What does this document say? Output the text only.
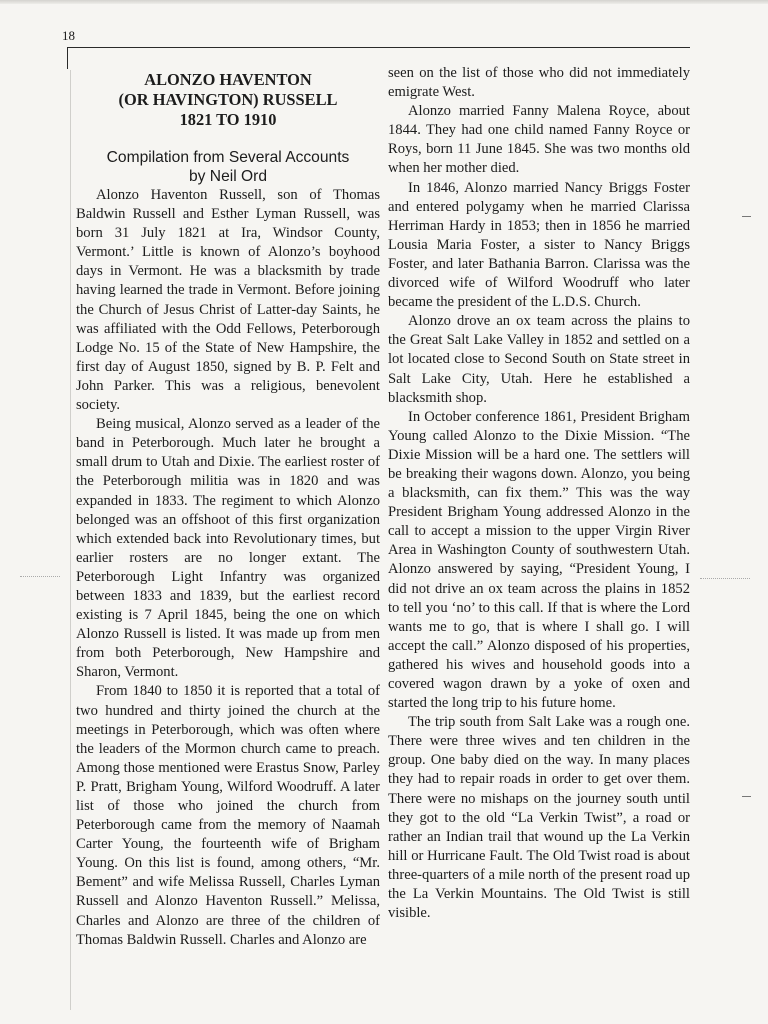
18
ALONZO HAVENTON
(OR HAVINGTON) RUSSELL
1821 TO 1910
Compilation from Several Accounts
by Neil Ord

Alonzo Haventon Russell, son of Thomas Baldwin Russell and Esther Lyman Russell, was born 31 July 1821 at Ira, Windsor County, Vermont.’ Little is known of Alonzo’s boyhood days in Vermont. He was a blacksmith by trade having learned the trade in Vermont. Before joining the Church of Jesus Christ of Latter-day Saints, he was affiliated with the Odd Fellows, Peterborough Lodge No. 15 of the State of New Hampshire, the first day of August 1850, signed by B. P. Felt and John Parker. This was a religious, benevolent society.

Being musical, Alonzo served as a leader of the band in Peterborough. Much later he brought a small drum to Utah and Dixie. The earliest roster of the Peterborough militia was in 1820 and was expanded in 1833. The regiment to which Alonzo belonged was an offshoot of this first organization which extended back into Revolutionary times, but earlier rosters are no longer extant. The Peterborough Light Infantry was organized between 1833 and 1839, but the earliest record existing is 7 April 1845, being the one on which Alonzo Russell is listed. It was made up from men from both Peterborough, New Hampshire and Sharon, Vermont.

From 1840 to 1850 it is reported that a total of two hundred and thirty joined the church at the meetings in Peterborough, which was often where the leaders of the Mormon church came to preach. Among those mentioned were Erastus Snow, Parley P. Pratt, Brigham Young, Wilford Woodruff. A later list of those who joined the church from Peterborough came from the memory of Naamah Carter Young, the fourteenth wife of Brigham Young. On this list is found, among others, “Mr. Bement” and wife Melissa Russell, Charles Lyman Russell and Alonzo Haventon Russell.” Melissa, Charles and Alonzo are three of the children of Thomas Baldwin Russell. Charles and Alonzo are

seen on the list of those who did not immediately emigrate West.

Alonzo married Fanny Malena Royce, about 1844. They had one child named Fanny Royce or Roys, born 11 June 1845. She was two months old when her mother died.

In 1846, Alonzo married Nancy Briggs Foster and entered polygamy when he married Clarissa Herriman Hardy in 1853; then in 1856 he married Lousia Maria Foster, a sister to Nancy Briggs Foster, and later Bathania Barron. Clarissa was the divorced wife of Wilford Woodruff who later became the president of the L.D.S. Church.

Alonzo drove an ox team across the plains to the Great Salt Lake Valley in 1852 and settled on a lot located close to Second South on State street in Salt Lake City, Utah. Here he established a blacksmith shop.

In October conference 1861, President Brigham Young called Alonzo to the Dixie Mission. “The Dixie Mission will be a hard one. The settlers will be breaking their wagons down. Alonzo, you being a blacksmith, can fix them.” This was the way President Brigham Young addressed Alonzo in the call to accept a mission to the upper Virgin River Area in Washington County of southwestern Utah. Alonzo answered by saying, “President Young, I did not drive an ox team across the plains in 1852 to tell you ‘no’ to this call. If that is where the Lord wants me to go, that is where I shall go. I will accept the call.” Alonzo disposed of his properties, gathered his wives and household goods into a covered wagon drawn by a yoke of oxen and started the long trip to his future home.

The trip south from Salt Lake was a rough one. There were three wives and ten children in the group. One baby died on the way. In many places they had to repair roads in order to get over them. There were no mishaps on the journey south until they got to the old “La Verkin Twist”, a road or rather an Indian trail that wound up the La Verkin hill or Hurricane Fault. The Old Twist road is about three-quarters of a mile north of the present road up the La Verkin Mountains. The Old Twist is still visible.
